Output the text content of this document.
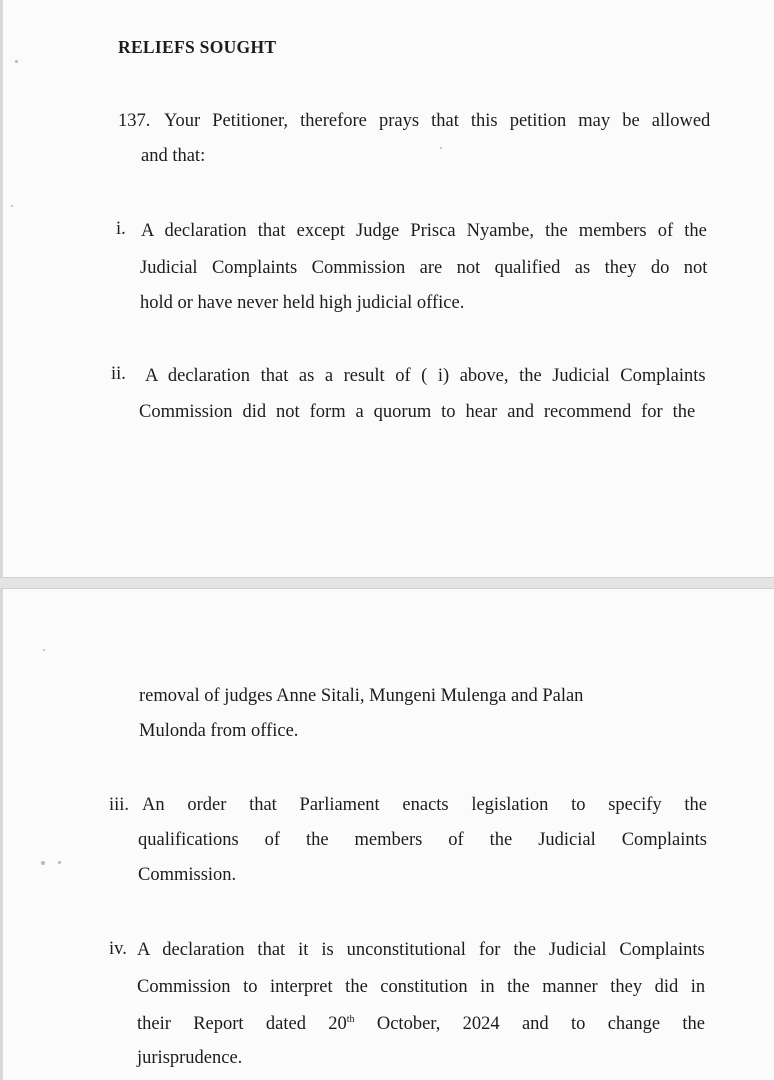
RELIEFS SOUGHT
137. Your Petitioner, therefore prays that this petition may be allowed
and that:
i. A declaration that except Judge Prisca Nyambe, the members of the
Judicial Complaints Commission are not qualified as they do not
hold or have never held high judicial office.
ii. A declaration that as a result of ( i) above, the Judicial Complaints
Commission did not form a quorum to hear and recommend for the
removal of judges Anne Sitali, Mungeni Mulenga and Palan
Mulonda from office.
iii. An order that Parliament enacts legislation to specify the
qualifications of the members of the Judicial Complaints
Commission.
iv. A declaration that it is unconstitutional for the Judicial Complaints
Commission to interpret the constitution in the manner they did in
their Report dated 20th October, 2024 and to change the
jurisprudence.
